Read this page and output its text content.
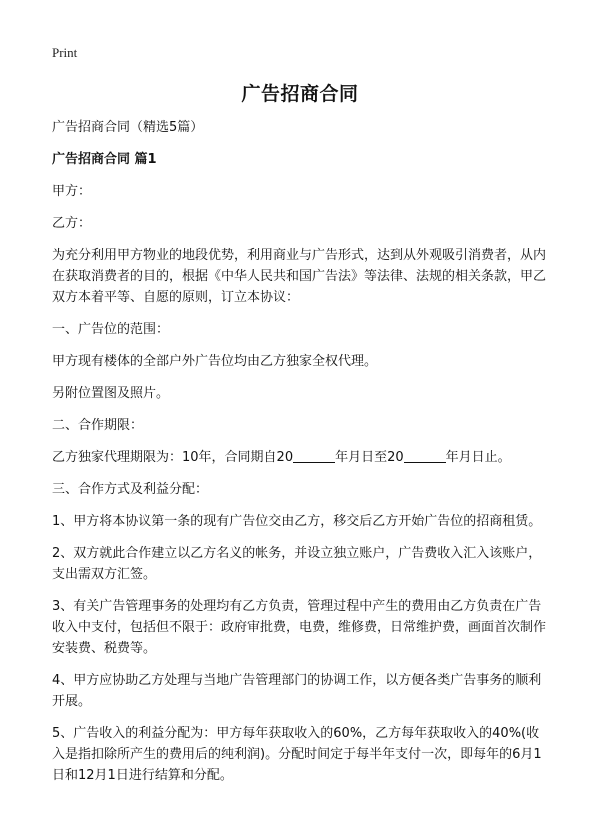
Print
广告招商合同

广告招商合同（精选5篇）

广告招商合同 篇1

甲方：

乙方：

为充分利用甲方物业的地段优势，利用商业与广告形式，达到从外观吸引消费者，从内在获取消费者的目的，根据《中华人民共和国广告法》等法律、法规的相关条款，甲乙双方本着平等、自愿的原则，订立本协议：

一、广告位的范围：

甲方现有楼体的全部户外广告位均由乙方独家全权代理。

另附位置图及照片。

二、合作期限：

乙方独家代理期限为：10年，合同期自20	年月日至20	年月日止。

三、合作方式及利益分配：

1、甲方将本协议第一条的现有广告位交由乙方，移交后乙方开始广告位的招商租赁。

2、双方就此合作建立以乙方名义的帐务，并设立独立账户，广告费收入汇入该账户，支出需双方汇签。

3、有关广告管理事务的处理均有乙方负责，管理过程中产生的费用由乙方负责在广告收入中支付，包括但不限于：政府审批费，电费，维修费，日常维护费，画面首次制作安装费、税费等。

4、甲方应协助乙方处理与当地广告管理部门的协调工作，以方便各类广告事务的顺利开展。

5、广告收入的利益分配为：甲方每年获取收入的60%，乙方每年获取收入的40%(收入是指扣除所产生的费用后的纯利润)。分配时间定于每半年支付一次，即每年的6月1日和12月1日进行结算和分配。
